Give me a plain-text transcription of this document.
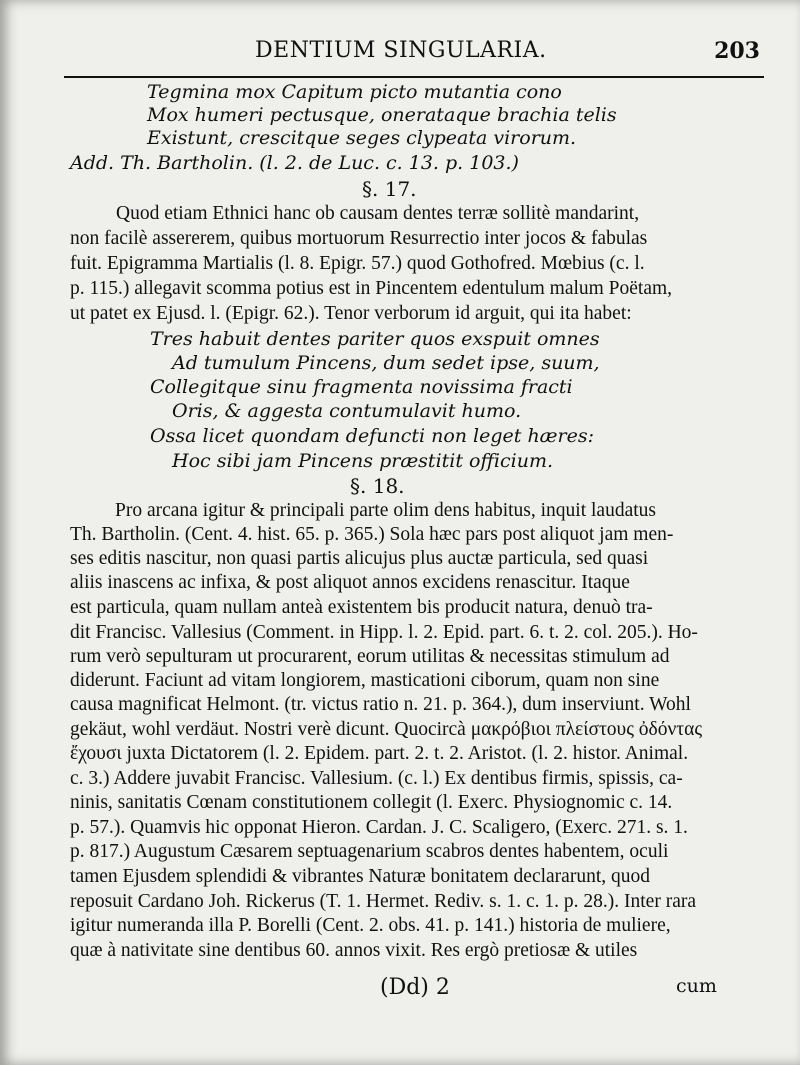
DENTIUM SINGULARIA.	203
Tegmina mox Capitum picto mutantia cono
Mox humeri pectusque, onerataque brachia telis
Existunt, crescitque seges clypeata virorum.
Add. Th. Bartholin. (l. 2. de Luc. c. 13. p. 103.)
§. 17.
Quod etiam Ethnici hanc ob causam dentes terræ sollitè mandarint,
non facilè assererem, quibus mortuorum Resurrectio inter jocos & fabulas
fuit. Epigramma Martialis (l. 8. Epigr. 57.) quod Gothofred. Mœbius (c. l.
p. 115.) allegavit scomma potius est in Pincentem edentulum malum Poëtam,
ut patet ex Ejusd. l. (Epigr. 62.). Tenor verborum id arguit, qui ita habet:
Tres habuit dentes pariter quos exspuit omnes
Ad tumulum Pincens, dum sedet ipse, suum,
Collegitque sinu fragmenta novissima fracti
Oris, & aggesta contumulavit humo.
Ossa licet quondam defuncti non leget hæres:
Hoc sibi jam Pincens præstitit officium.
§. 18.
Pro arcana igitur & principali parte olim dens habitus, inquit laudatus
Th. Bartholin. (Cent. 4. hist. 65. p. 365.) Sola hæc pars post aliquot jam men-
ses editis nascitur, non quasi partis alicujus plus auctæ particula, sed quasi
aliis inascens ac infixa, & post aliquot annos excidens renascitur. Itaque
est particula, quam nullam anteà existentem bis producit natura, denuò tra-
dit Francisc. Vallesius (Comment. in Hipp. l. 2. Epid. part. 6. t. 2. col. 205.). Ho-
rum verò sepulturam ut procurarent, eorum utilitas & necessitas stimulum ad
diderunt. Faciunt ad vitam longiorem, masticationi ciborum, quam non sine
causa magnificat Helmont. (tr. victus ratio n. 21. p. 364.), dum inserviunt. Wohl
gekäut, wohl verdäut. Nostri verè dicunt. Quocircà μακρόβιοι πλείστους ὀδόντας
ἔχουσι juxta Dictatorem (l. 2. Epidem. part. 2. t. 2. Aristot. (l. 2. histor. Animal.
c. 3.) Addere juvabit Francisc. Vallesium. (c. l.) Ex dentibus firmis, spissis, ca-
ninis, sanitatis Cœnam constitutionem collegit (l. Exerc. Physiognomic c. 14.
p. 57.). Quamvis hic opponat Hieron. Cardan. J. C. Scaligero, (Exerc. 271. s. 1.
p. 817.) Augustum Cæsarem septuagenarium scabros dentes habentem, oculi
tamen Ejusdem splendidi & vibrantes Naturæ bonitatem declararunt, quod
reposuit Cardano Joh. Rickerus (T. 1. Hermet. Rediv. s. 1. c. 1. p. 28.). Inter rara
igitur numeranda illa P. Borelli (Cent. 2. obs. 41. p. 141.) historia de muliere,
quæ à nativitate sine dentibus 60. annos vixit. Res ergò pretiosæ & utiles
(Dd) 2	cum
